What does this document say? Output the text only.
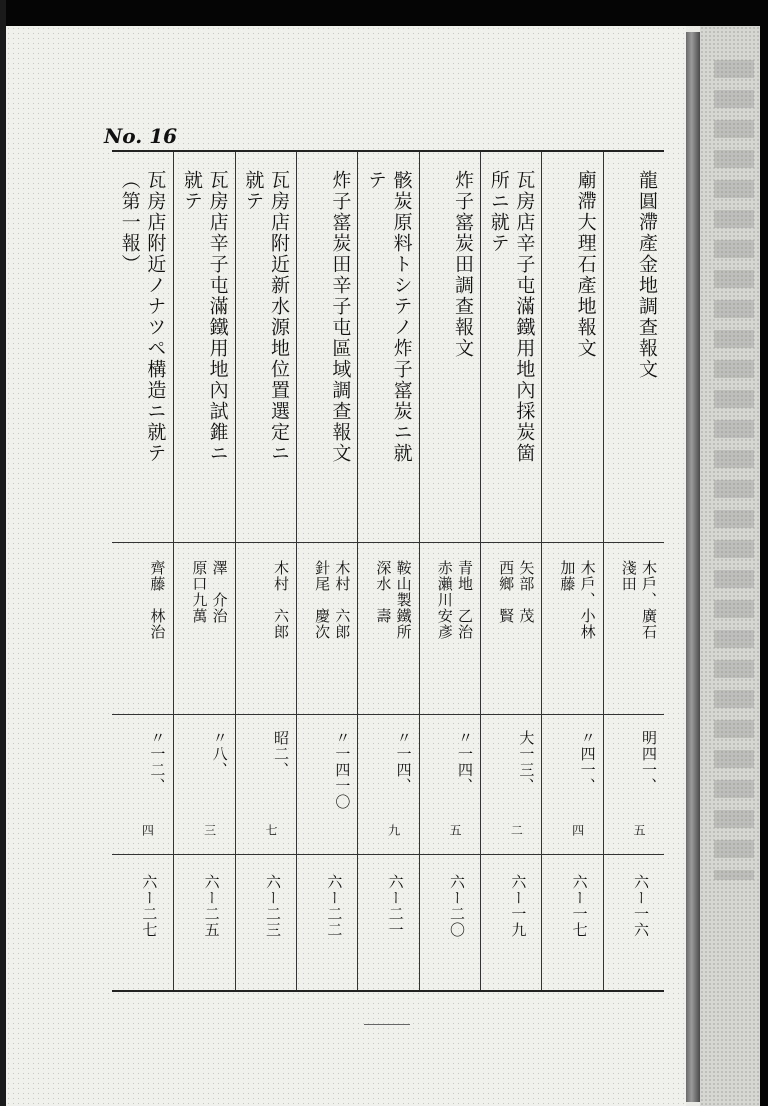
No. 16
龍圓滯產金地調查報文
木戶、廣石
淺田
明四一、
五
六ー一六
廟滯大理石產地報文
木戶、小林
加藤
〃四一、
四
六ー一七
瓦房店辛子屯滿鐵用地內採炭箇
所ニ就テ
矢部　茂
西鄉　賢
大一三、
二
六ー一九
炸子窰炭田調查報文
青地　乙治
赤瀨川安彥
〃一四、
五
六ー二〇
骸炭原料トシテノ炸子窰炭ニ就
テ
鞍山製鐵所
深水　壽
〃一四、
九
六ー二一
炸子窰炭田辛子屯區域調查報文
木村　六郎
針尾　慶次
〃一四一〇
六ー二二
瓦房店附近新水源地位置選定ニ
就テ
木村　六郎
昭二、
七
六ー二三
瓦房店辛子屯滿鐵用地內試錐ニ
就テ
澤　介治
原口九萬
〃八、
三
六ー二五
瓦房店附近ノナツペ構造ニ就テ
（第一報）
齊藤　林治
〃一二、
四
六ー二七
